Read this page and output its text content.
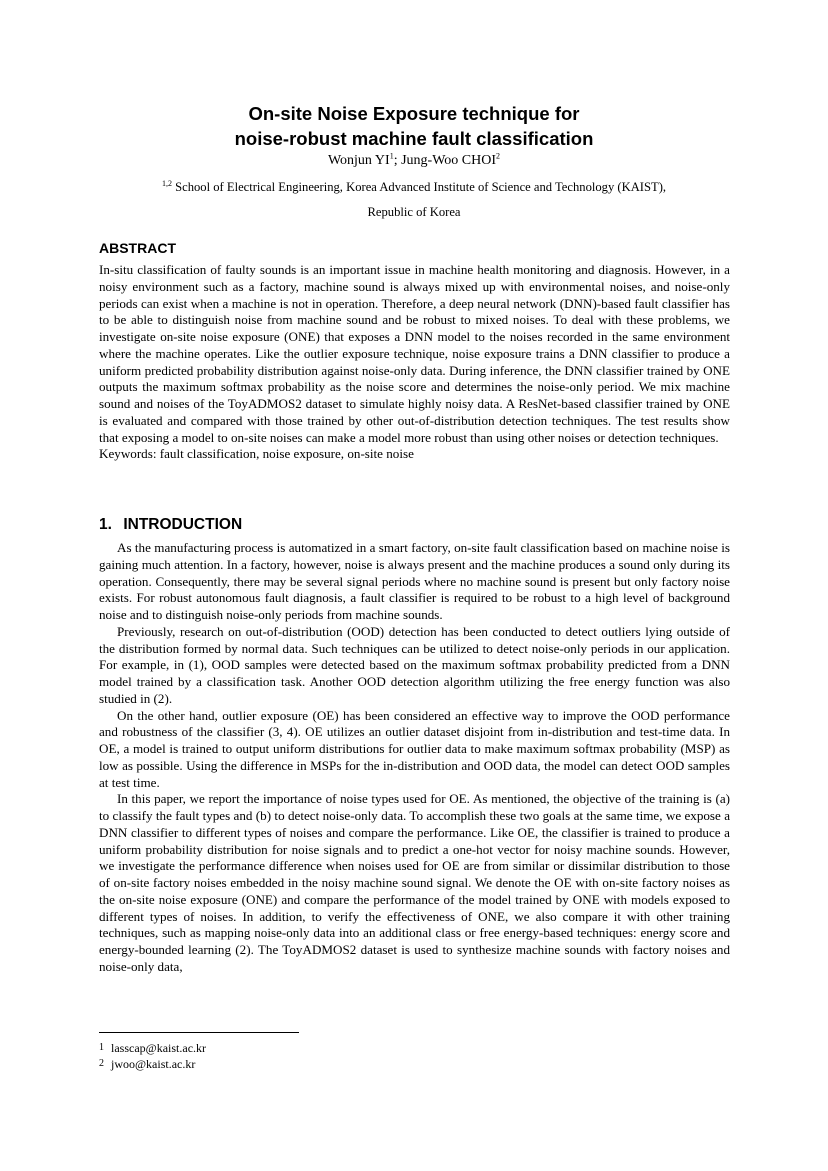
On-site Noise Exposure technique for
noise-robust machine fault classification
Wonjun $YI^1$; Jung-Woo CHOI$^2$
$^{1,2}$ School of Electrical Engineering, Korea Advanced Institute of Science and Technology (KAIST),
Republic of Korea
ABSTRACT

In-situ classification of faulty sounds is an important issue in machine health monitoring and diagnosis. However, in a noisy environment such as a factory, machine sound is always mixed up with environmental noises, and noise-only periods can exist when a machine is not in operation. Therefore, a deep neural network (DNN)-based fault classifier has to be able to distinguish noise from machine sound and be robust to mixed noises. To deal with these problems, we investigate on-site noise exposure (ONE) that exposes a DNN model to the noises recorded in the same environment where the machine operates. Like the outlier exposure technique, noise exposure trains a DNN classifier to produce a uniform predicted probability distribution against noise-only data. During inference, the DNN classifier trained by ONE outputs the maximum softmax probability as the noise score and determines the noise-only period. We mix machine sound and noises of the ToyADMOS2 dataset to simulate highly noisy data. A ResNet-based classifier trained by ONE is evaluated and compared with those trained by other out-of-distribution detection techniques. The test results show that exposing a model to on-site noises can make a model more robust than using other noises or detection techniques.

Keywords: fault classification, noise exposure, on-site noise

1. INTRODUCTION

As the manufacturing process is automatized in a smart factory, on-site fault classification based on machine noise is gaining much attention. In a factory, however, noise is always present and the machine produces a sound only during its operation. Consequently, there may be several signal periods where no machine sound is present but only factory noise exists. For robust autonomous fault diagnosis, a fault classifier is required to be robust to a high level of background noise and to distinguish noise-only periods from machine sounds.

Previously, research on out-of-distribution (OOD) detection has been conducted to detect outliers lying outside of the distribution formed by normal data. Such techniques can be utilized to detect noise-only periods in our application. For example, in (1), OOD samples were detected based on the maximum softmax probability predicted from a DNN model trained by a classification task. Another OOD detection algorithm utilizing the free energy function was also studied in (2).

On the other hand, outlier exposure (OE) has been considered an effective way to improve the OOD performance and robustness of the classifier (3, 4). OE utilizes an outlier dataset disjoint from in-distribution and test-time data. In OE, a model is trained to output uniform distributions for outlier data to make maximum softmax probability (MSP) as low as possible. Using the difference in MSPs for the in-distribution and OOD data, the model can detect OOD samples at test time.

In this paper, we report the importance of noise types used for OE. As mentioned, the objective of the training is (a) to classify the fault types and (b) to detect noise-only data. To accomplish these two goals at the same time, we expose a DNN classifier to different types of noises and compare the performance. Like OE, the classifier is trained to produce a uniform probability distribution for noise signals and to predict a one-hot vector for noisy machine sounds. However, we investigate the performance difference when noises used for OE are from similar or dissimilar distribution to those of on-site factory noises embedded in the noisy machine sound signal. We denote the OE with on-site factory noises as the on-site noise exposure (ONE) and compare the performance of the model trained by ONE with models exposed to different types of noises. In addition, to verify the effectiveness of ONE, we also compare it with other training techniques, such as mapping noise-only data into an additional class or free energy-based techniques: energy score and energy-bounded learning (2). The ToyADMOS2 dataset is used to synthesize machine sounds with factory noises and noise-only data,

1 lasscap@kaist.ac.kr
2 jwoo@kaist.ac.kr
